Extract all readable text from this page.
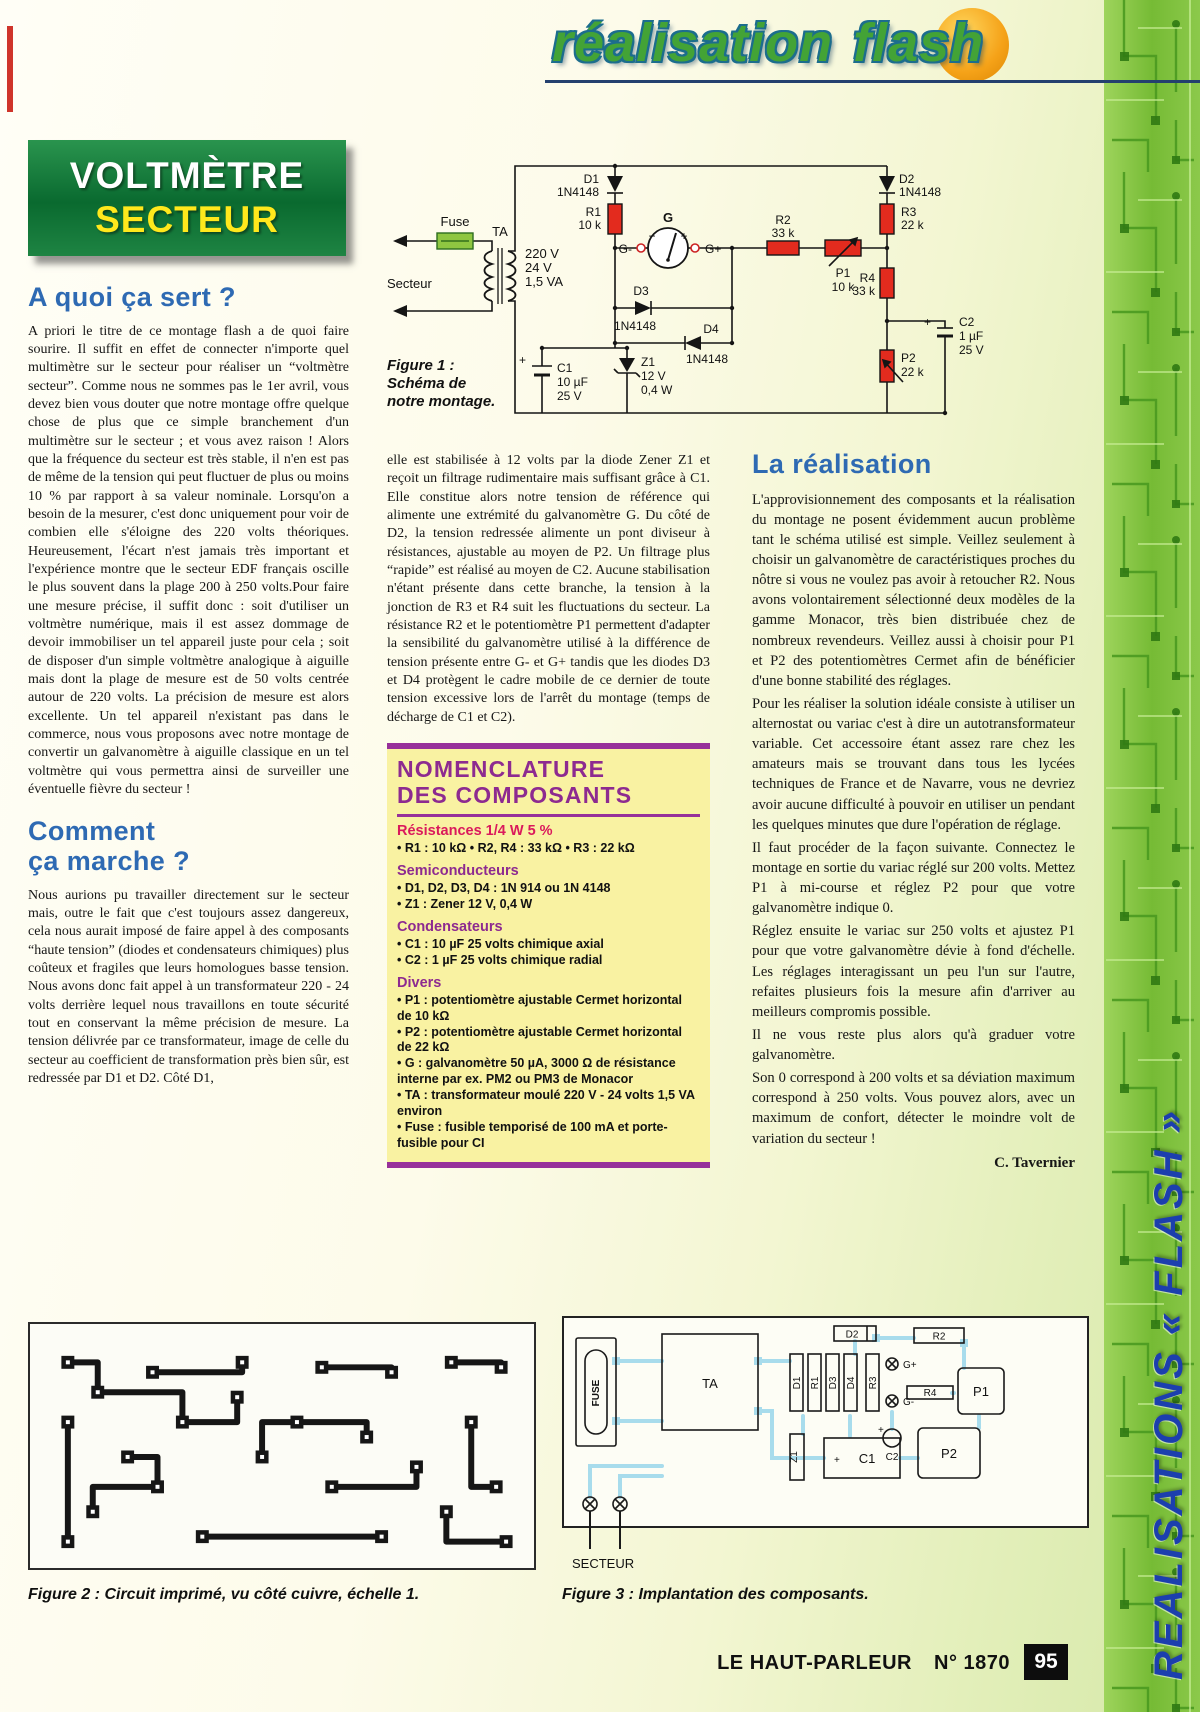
REALISATIONS « FLASH »
réalisation flash
VOLTMÈTRE
SECTEUR
A quoi ça sert ?
A priori le titre de ce montage flash a de quoi faire sourire. Il suffit en effet de connecter n'importe quel multimètre sur le secteur pour réaliser un “voltmètre secteur”. Comme nous ne sommes pas le 1er avril, vous devez bien vous douter que notre montage offre quelque chose de plus que ce simple branchement d'un multimètre sur le secteur ; et vous avez raison ! Alors que la fréquence du secteur est très stable, il n'en est pas de même de la tension qui peut fluctuer de plus ou moins 10 % par rapport à sa valeur nominale. Lorsqu'on a besoin de la mesurer, c'est donc uniquement pour voir de combien elle s'éloigne des 220 volts théoriques. Heureusement, l'écart n'est jamais très important et l'expérience montre que le secteur EDF français oscille le plus souvent dans la plage 200 à 250 volts.Pour faire une mesure précise, il suffit donc : soit d'utiliser un voltmètre numérique, mais il est assez dommage de devoir immobiliser un tel appareil juste pour cela ; soit de disposer d'un simple voltmètre analogique à aiguille mais dont la plage de mesure est de 50 volts centrée autour de 220 volts. La précision de mesure est alors excellente. Un tel appareil n'existant pas dans le commerce, nous vous proposons avec notre montage de convertir un galvanomètre à aiguille classique en un tel voltmètre qui vous permettra ainsi de surveiller une éventuelle fièvre du secteur !
Comment
ça marche ?
Nous aurions pu travailler directement sur le secteur mais, outre le fait que c'est toujours assez dangereux, cela nous aurait imposé de faire appel à des composants “haute tension” (diodes et condensateurs chimiques) plus coûteux et fragiles que leurs homologues basse tension. Nous avons donc fait appel à un transformateur 220 - 24 volts derrière lequel nous travaillons en toute sécurité tout en conservant la même précision de mesure. La tension délivrée par ce transformateur, image de celle du secteur au coefficient de transformation près bien sûr, est redressée par D1 et D2. Côté D1,
elle est stabilisée à 12 volts par la diode Zener Z1 et reçoit un filtrage rudimentaire mais suffisant grâce à C1. Elle constitue alors notre tension de référence qui alimente une extrémité du galvanomètre G. Du côté de D2, la tension redressée alimente un pont diviseur à résistances, ajustable au moyen de P2. Un filtrage plus “rapide” est réalisé au moyen de C2. Aucune stabilisation n'étant présente dans cette branche, la tension à la jonction de R3 et R4 suit les fluctuations du secteur. La résistance R2 et le potentiomètre P1 permettent d'adapter la sensibilité du galvanomètre utilisé à la différence de tension présente entre G- et G+ tandis que les diodes D3 et D4 protègent le cadre mobile de ce dernier de toute tension excessive lors de l'arrêt du montage (temps de décharge de C1 et C2).
NOMENCLATURE
DES COMPOSANTS
Résistances 1/4 W 5 %
• R1 : 10 kΩ • R2, R4 : 33 kΩ • R3 : 22 kΩ
Semiconducteurs
• D1, D2, D3, D4 : 1N 914 ou 1N 4148
• Z1 : Zener 12 V, 0,4 W
Condensateurs
• C1 : 10 µF 25 volts chimique axial
• C2 : 1 µF 25 volts chimique radial
Divers
• P1 : potentiomètre ajustable Cermet horizontal de 10 kΩ
• P2 : potentiomètre ajustable Cermet horizontal de 22 kΩ
• G : galvanomètre 50 µA, 3000 Ω de résistance interne par ex. PM2 ou PM3 de Monacor
• TA : transformateur moulé 220 V - 24 volts 1,5 VA environ
• Fuse : fusible temporisé de 100 mA et porte-fusible pour CI
La réalisation
L'approvisionnement des composants et la réalisation du montage ne posent évidemment aucun problème tant le schéma utilisé est simple. Veillez seulement à choisir un galvanomètre de caractéristiques proches du nôtre si vous ne voulez pas avoir à retoucher R2. Nous avons volontairement sélectionné deux modèles de la gamme Monacor, très bien distribuée chez de nombreux revendeurs. Veillez aussi à choisir pour P1 et P2 des potentiomètres Cermet afin de bénéficier d'une bonne stabilité des réglages.
Pour les réaliser la solution idéale consiste à utiliser un alternostat ou variac c'est à dire un autotransformateur variable. Cet accessoire étant assez rare chez les amateurs mais se trouvant dans tous les lycées techniques de France et de Navarre, vous ne devriez avoir aucune difficulté à pouvoir en utiliser un pendant les quelques minutes que dure l'opération de réglage.
Il faut procéder de la façon suivante. Connectez le montage en sortie du variac réglé sur 200 volts. Mettez P1 à mi-course et réglez P2 pour que votre galvanomètre indique 0.
Réglez ensuite le variac sur 250 volts et ajustez P1 pour que votre galvanomètre dévie à fond d'échelle. Les réglages interagissant un peu l'un sur l'autre, refaites plusieurs fois la mesure afin d'arriver au meilleurs compromis possible.
Il ne vous reste plus alors qu'à graduer votre galvanomètre.
Son 0 correspond à 200 volts et sa déviation maximum correspond à 250 volts. Vous pouvez alors, avec un maximum de confort, détecter le moindre volt de variation du secteur !
C. Tavernier
Secteur
Fuse
TA
220 V
24 V
1,5 VA
D1
1N4148
R1
10 k	G
− +
G-	G+
R2
33 k
P1
10 k
D2
1N4148
R3
22 k
R4
33 k
+ C2
1 µF
25 V
P2
22 k
+
C1
10 µF
25 V
Z1
12 V
0,4 W
D3
1N4148	D4
1N4148
Figure 1 :
Schéma de
notre montage.
Figure 2 : Circuit imprimé, vu côté cuivre, échelle 1.
FUSE	TA
D2	R2
D1 R1 D3 D4 R3
G+
G-
+
C2
R4	P1
Z1	+ C1	P2
SECTEUR
Figure 3 : Implantation des composants.
LE HAUT-PARLEUR N° 1870	95
